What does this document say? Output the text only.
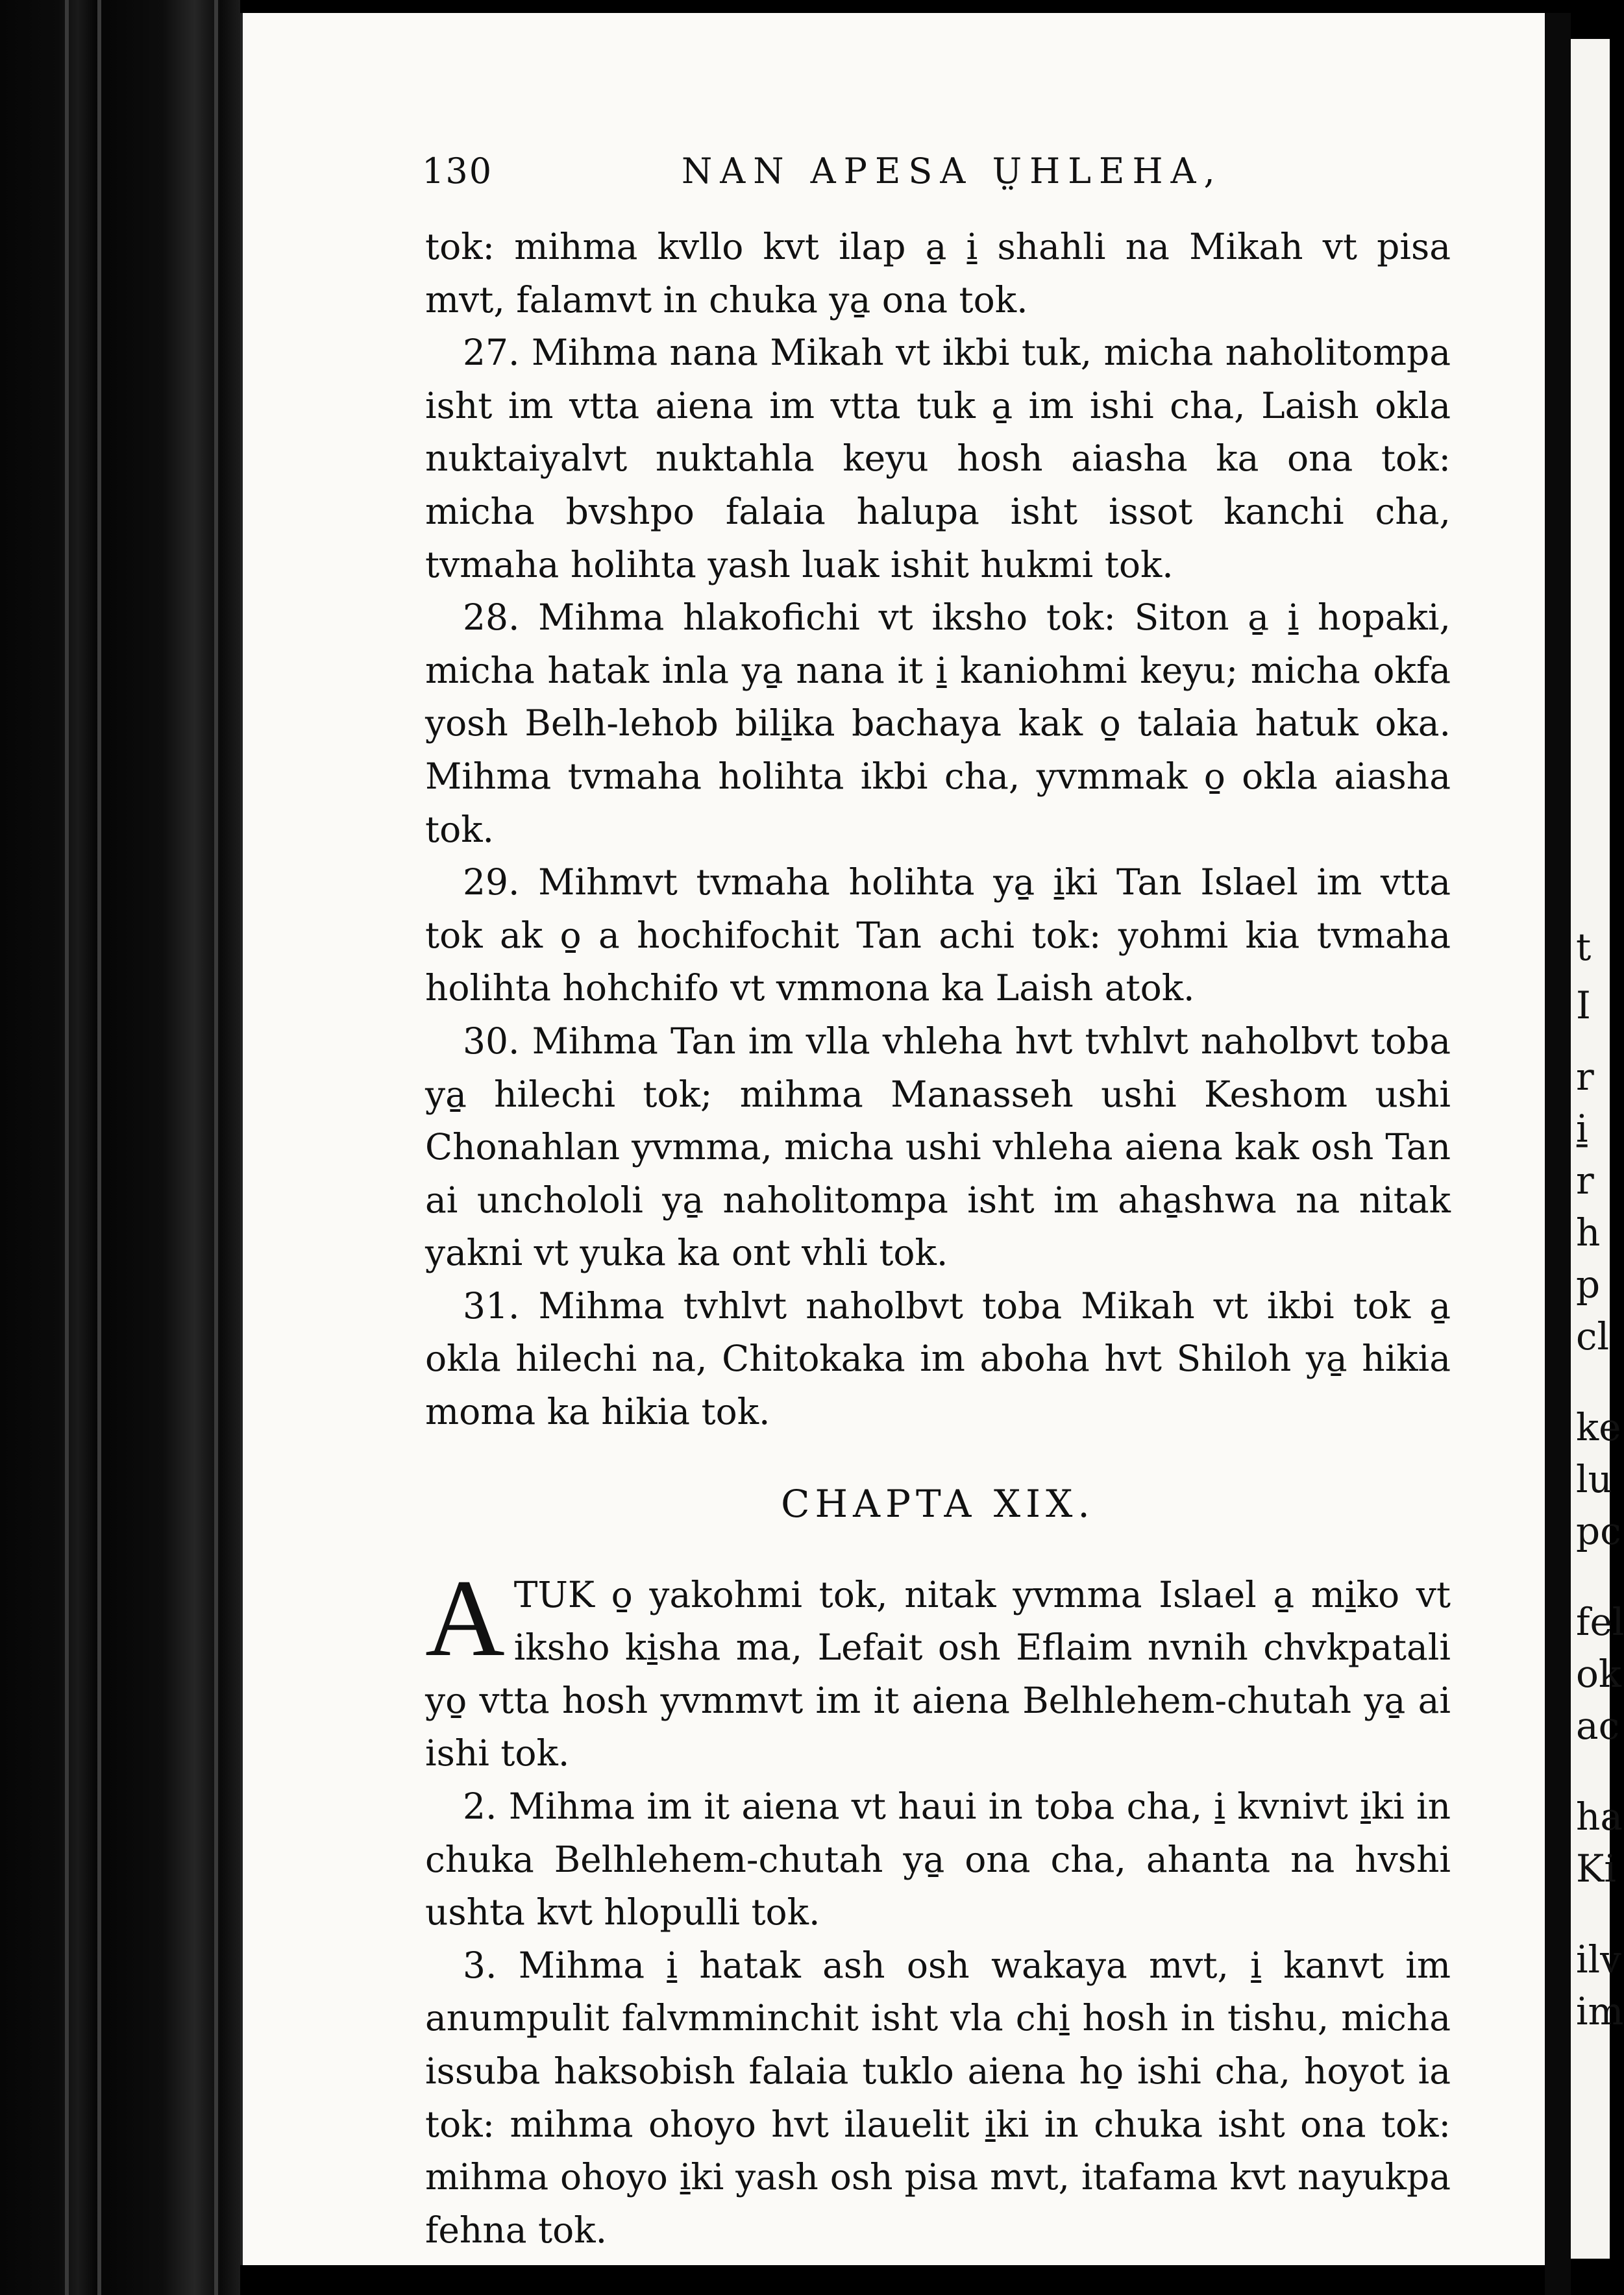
t
I
r
i̱
r
h
p
cl
ke
lu
pc
fel
ok
ac
ha
Ki
ilv
im
130	NAN APESA ṲHLEHA,

tok: mihma kvllo kvt ilap a̱ i̱ shahli na Mikah vt pisa mvt, falamvt in chuka ya̱ ona tok.

27. Mihma nana Mikah vt ikbi tuk, micha naholitompa isht im vtta aiena im vtta tuk a̱ im ishi cha, Laish okla nuktaiyalvt nuktahla keyu hosh aiasha ka ona tok: micha bvshpo falaia halupa isht issot kanchi cha, tvmaha holihta yash luak ishit hukmi tok.

28. Mihma hlakofichi vt iksho tok: Siton a̱ i̱ hopaki, micha hatak inla ya̱ nana it i̱ kaniohmi keyu; micha okfa yosh Belh-lehob bili̱ka bachaya kak o̱ talaia hatuk oka. Mihma tvmaha holihta ikbi cha, yvmmak o̱ okla aiasha tok.

29. Mihmvt tvmaha holihta ya̱ i̱ki Tan Islael im vtta tok ak o̱ a hochifochit Tan achi tok: yohmi kia tvmaha holihta hohchifo vt vmmona ka Laish atok.

30. Mihma Tan im vlla vhleha hvt tvhlvt naholbvt toba ya̱ hilechi tok; mihma Manasseh ushi Keshom ushi Chonahlan yvmma, micha ushi vhleha aiena kak osh Tan ai unchololi ya̱ naholitompa isht im aha̱shwa na nitak yakni vt yuka ka ont vhli tok.

31. Mihma tvhlvt naholbvt toba Mikah vt ikbi tok a̱ okla hilechi na, Chitokaka im aboha hvt Shiloh ya̱ hikia moma ka hikia tok.

CHAPTA XIX.

A TUK o̱ yakohmi tok, nitak yvmma Islael a̱ mi̱ko vt iksho ki̱sha ma, Lefait osh Eflaim nvnih chvkpatali yo̱ vtta hosh yvmmvt im it aiena Belhlehem-chutah ya̱ ai ishi tok.

2. Mihma im it aiena vt haui in toba cha, i̱ kvnivt i̱ki in chuka Belhlehem-chutah ya̱ ona cha, ahanta na hvshi ushta kvt hlopulli tok.

3. Mihma i̱ hatak ash osh wakaya mvt, i̱ kanvt im anumpulit falvmminchit isht vla chi̱ hosh in tishu, micha issuba haksobish falaia tuklo aiena ho̱ ishi cha, hoyot ia tok: mihma ohoyo hvt ilauelit i̱ki in chuka isht ona tok: mihma ohoyo i̱ki yash osh pisa mvt, itafama kvt nayukpa fehna tok.
